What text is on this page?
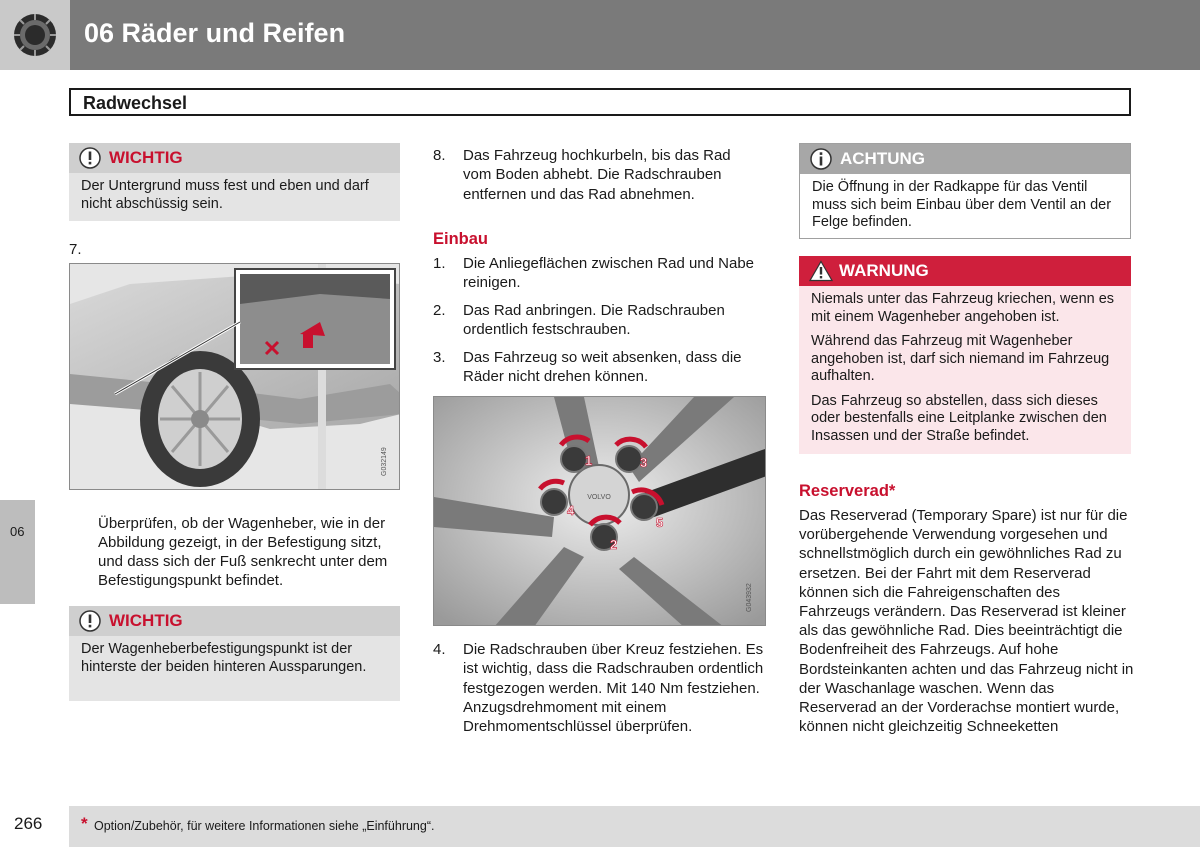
06 Räder und Reifen
06
Radwechsel
WICHTIG
Der Untergrund muss fest und eben und darf nicht abschüssig sein.
7.
G032149
Überprüfen, ob der Wagenheber, wie in der Abbildung gezeigt, in der Befestigung sitzt, und dass sich der Fuß senkrecht unter dem Befestigungspunkt befindet.
WICHTIG
Der Wagenheberbefestigungspunkt ist der hinterste der beiden hinteren Aussparungen.
8. Das Fahrzeug hochkurbeln, bis das Rad vom Boden abhebt. Die Radschrauben entfernen und das Rad abnehmen.
Einbau
1. Die Anliegeflächen zwischen Rad und Nabe reinigen.
2. Das Rad anbringen. Die Radschrauben ordentlich festschrauben.
3. Das Fahrzeug so weit absenken, dass die Räder nicht drehen können.
VOLVO
1
2
3
4
5
G043932
4. Die Radschrauben über Kreuz festziehen. Es ist wichtig, dass die Radschrauben ordentlich festgezogen werden. Mit 140 Nm festziehen. Anzugsdrehmoment mit einem Drehmomentschlüssel überprüfen.
ACHTUNG
Die Öffnung in der Radkappe für das Ventil muss sich beim Einbau über dem Ventil an der Felge befinden.
WARNUNG

Niemals unter das Fahrzeug kriechen, wenn es mit einem Wagenheber angehoben ist.

Während das Fahrzeug mit Wagenheber angehoben ist, darf sich niemand im Fahrzeug aufhalten.

Das Fahrzeug so abstellen, dass sich dieses oder bestenfalls eine Leitplanke zwischen den Insassen und der Straße befindet.

Reserverad*
Das Reserverad (Temporary Spare) ist nur für die vorübergehende Verwendung vorgesehen und schnellstmöglich durch ein gewöhnliches Rad zu ersetzen. Bei der Fahrt mit dem Reserverad können sich die Fahreigenschaften des Fahrzeugs verändern. Das Reserverad ist kleiner als das gewöhnliche Rad. Dies beeinträchtigt die Bodenfreiheit des Fahrzeugs. Auf hohe Bordsteinkanten achten und das Fahrzeug nicht in der Waschanlage waschen. Wenn das Reserverad an der Vorderachse montiert wurde, können nicht gleichzeitig Schneeketten
266 * Option/Zubehör, für weitere Informationen siehe „Einführung“.
